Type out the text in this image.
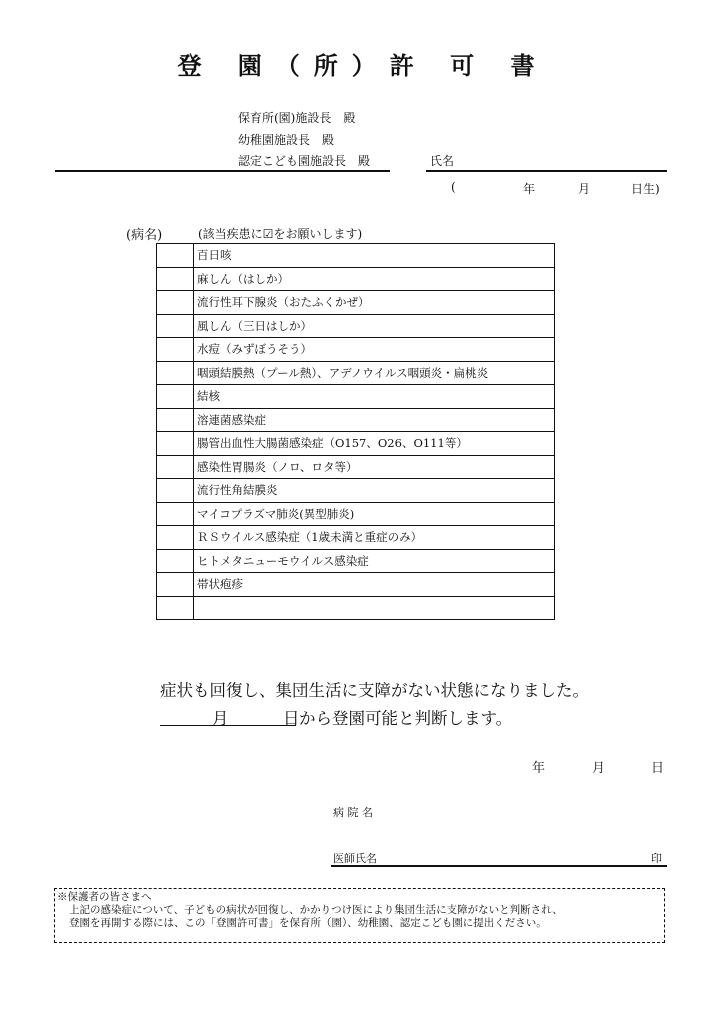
登 園（所）許 可 書
保育所(園)施設長　殿
幼稚園施設長　殿
認定こども園施設長　殿	氏名
(	年	月	日生)
(病名)	(該当疾患に☑をお願いします)
	百日咳
	麻しん（はしか）
	流行性耳下腺炎（おたふくかぜ）
	風しん（三日はしか）
	水痘（みずぼうそう）
	咽頭結膜熱（プール熱）、アデノウイルス咽頭炎・扁桃炎
	結核
	溶連菌感染症
	腸管出血性大腸菌感染症（O157、O26、O111等）
	感染性胃腸炎（ノロ、ロタ等）
	流行性角結膜炎
	マイコプラズマ肺炎(異型肺炎)
	ＲＳウイルス感染症（1歳未満と重症のみ）
	ヒトメタニューモウイルス感染症
	帯状疱疹

症状も回復し、集団生活に支障がない状態になりました。
月	日 から登園可能と判断します。
年	月	日
病 院 名
医師氏名	印
※保護者の皆さまへ
上記の感染症について、子どもの病状が回復し、かかりつけ医により集団生活に支障がないと判断され、
登園を再開する際には、この「登園許可書」を保育所（園）、幼稚園、認定こども園に提出ください。
